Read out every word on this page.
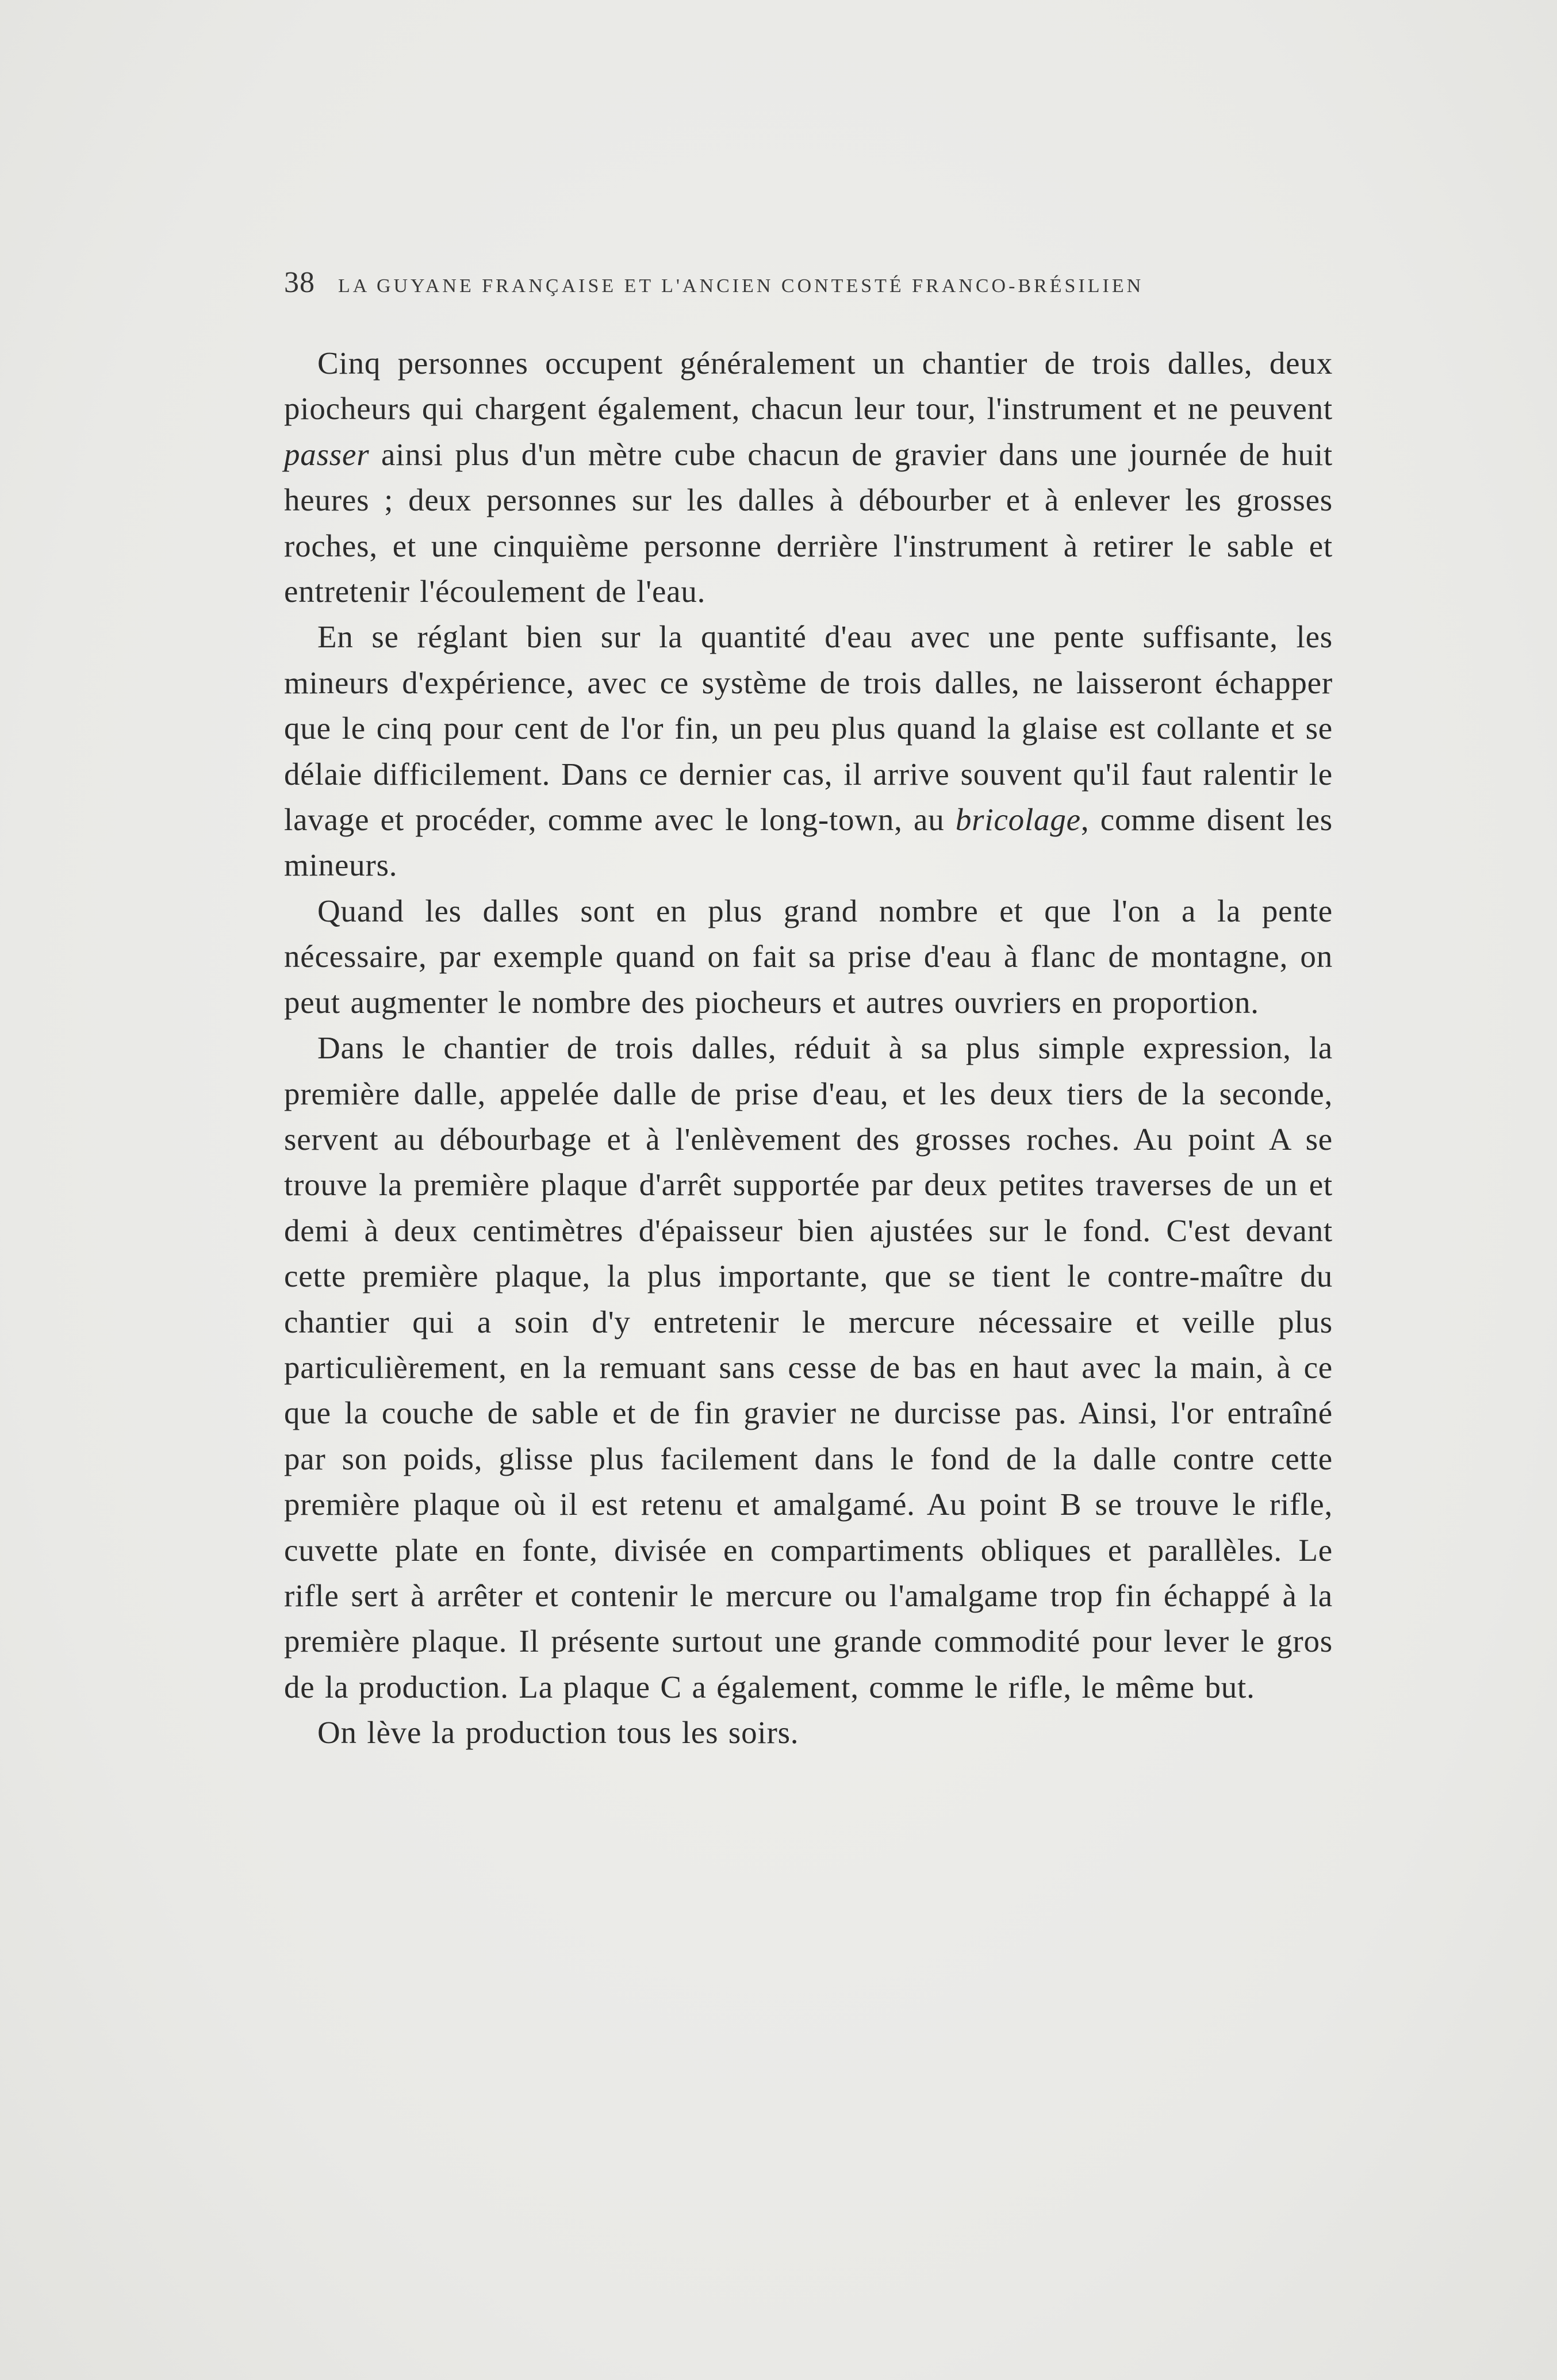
38 LA GUYANE FRANÇAISE ET L'ANCIEN CONTESTÉ FRANCO-BRÉSILIEN

Cinq personnes occupent généralement un chantier de trois dalles, deux piocheurs qui chargent également, chacun leur tour, l'instrument et ne peuvent passer ainsi plus d'un mètre cube chacun de gravier dans une journée de huit heures ; deux personnes sur les dalles à débourber et à enlever les grosses roches, et une cinquième personne derrière l'instrument à retirer le sable et entretenir l'écoulement de l'eau.

En se réglant bien sur la quantité d'eau avec une pente suffisante, les mineurs d'expérience, avec ce système de trois dalles, ne laisseront échapper que le cinq pour cent de l'or fin, un peu plus quand la glaise est collante et se délaie difficilement. Dans ce dernier cas, il arrive souvent qu'il faut ralentir le lavage et procéder, comme avec le long-town, au bricolage, comme disent les mineurs.

Quand les dalles sont en plus grand nombre et que l'on a la pente nécessaire, par exemple quand on fait sa prise d'eau à flanc de montagne, on peut augmenter le nombre des piocheurs et autres ouvriers en proportion.

Dans le chantier de trois dalles, réduit à sa plus simple expression, la première dalle, appelée dalle de prise d'eau, et les deux tiers de la seconde, servent au débourbage et à l'enlèvement des grosses roches. Au point A se trouve la première plaque d'arrêt supportée par deux petites traverses de un et demi à deux centimètres d'épaisseur bien ajustées sur le fond. C'est devant cette première plaque, la plus importante, que se tient le contre-maître du chantier qui a soin d'y entretenir le mercure nécessaire et veille plus particulièrement, en la remuant sans cesse de bas en haut avec la main, à ce que la couche de sable et de fin gravier ne durcisse pas. Ainsi, l'or entraîné par son poids, glisse plus facilement dans le fond de la dalle contre cette première plaque où il est retenu et amalgamé. Au point B se trouve le rifle, cuvette plate en fonte, divisée en compartiments obliques et parallèles. Le rifle sert à arrêter et contenir le mercure ou l'amalgame trop fin échappé à la première plaque. Il présente surtout une grande commodité pour lever le gros de la production. La plaque C a également, comme le rifle, le même but.

On lève la production tous les soirs.
